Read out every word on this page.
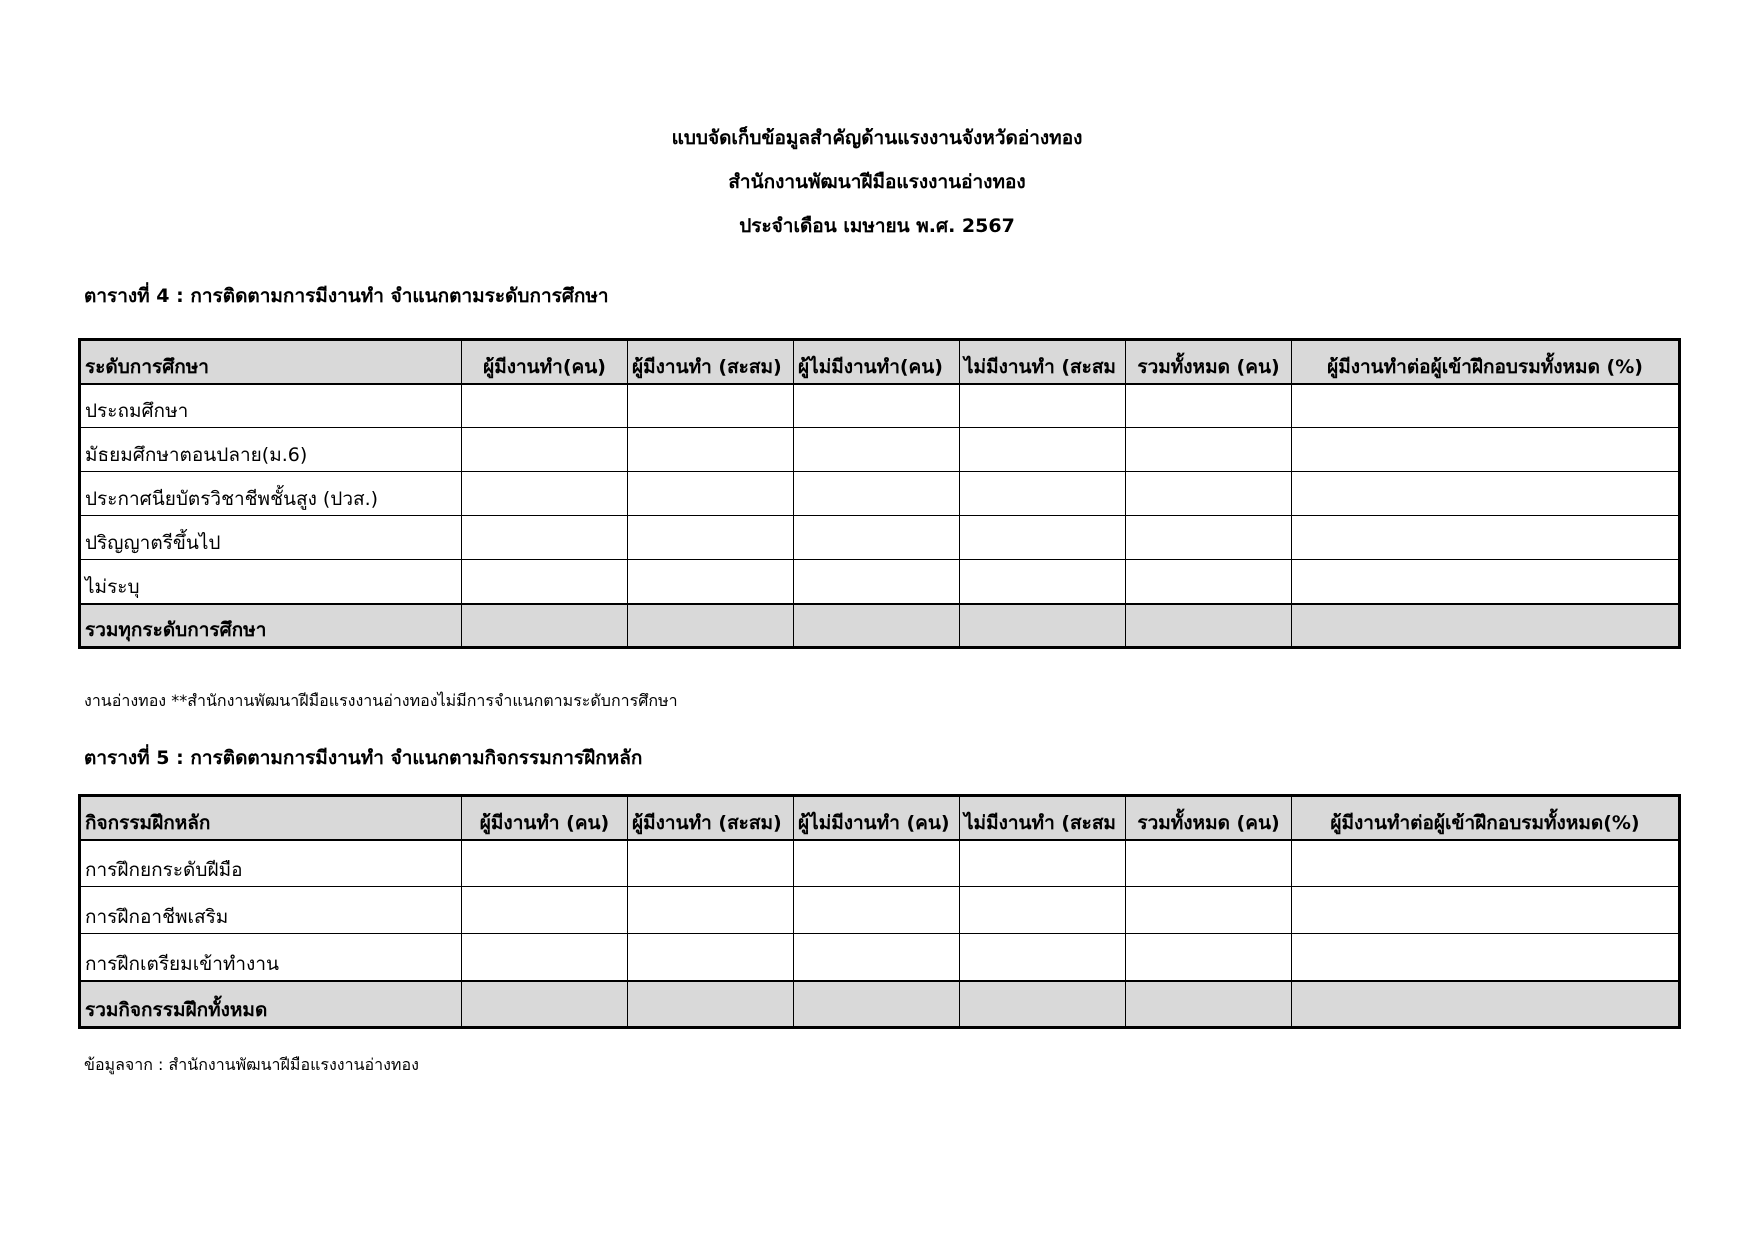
แบบจัดเก็บข้อมูลสำคัญด้านแรงงานจังหวัดอ่างทอง
สำนักงานพัฒนาฝีมือแรงงานอ่างทอง
ประจำเดือน เมษายน พ.ศ. 2567
ตารางที่ 4 : การติดตามการมีงานทำ จำแนกตามระดับการศึกษา
ระดับการศึกษา	ผู้มีงานทำ(คน)	ผู้มีงานทำ (สะสม)	ผู้ไม่มีงานทำ(คน)	ไม่มีงานทำ (สะสม	รวมทั้งหมด (คน)	ผู้มีงานทำต่อผู้เข้าฝึกอบรมทั้งหมด (%)
ประถมศึกษา						
มัธยมศึกษาตอนปลาย(ม.6)						
ประกาศนียบัตรวิชาชีพชั้นสูง (ปวส.)						
ปริญญาตรีขึ้นไป						
ไม่ระบุ						
รวมทุกระดับการศึกษา						
งานอ่างทอง **สำนักงานพัฒนาฝีมือแรงงานอ่างทองไม่มีการจำแนกตามระดับการศึกษา
ตารางที่ 5 : การติดตามการมีงานทำ จำแนกตามกิจกรรมการฝึกหลัก
กิจกรรมฝึกหลัก	ผู้มีงานทำ (คน)	ผู้มีงานทำ (สะสม)	ผู้ไม่มีงานทำ (คน)	ไม่มีงานทำ (สะสม	รวมทั้งหมด (คน)	ผู้มีงานทำต่อผู้เข้าฝึกอบรมทั้งหมด(%)
การฝึกยกระดับฝีมือ						
การฝึกอาชีพเสริม						
การฝึกเตรียมเข้าทำงาน						
รวมกิจกรรมฝึกทั้งหมด						
ข้อมูลจาก : สำนักงานพัฒนาฝีมือแรงงานอ่างทอง
